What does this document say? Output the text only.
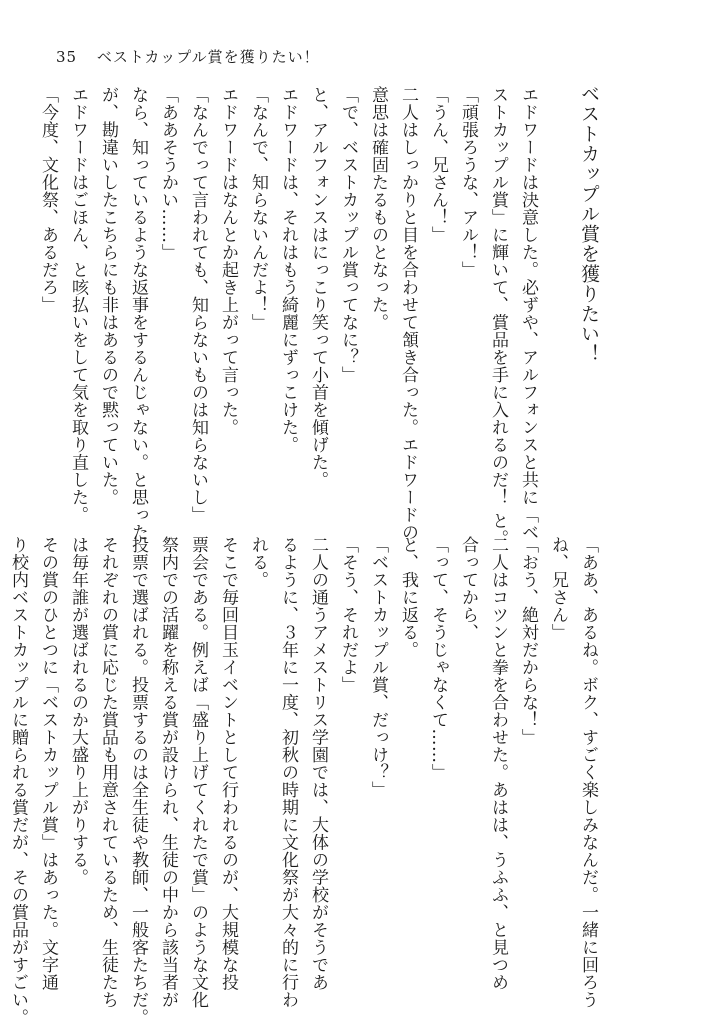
35 ベストカップル賞を獲りたい！
ベストカップル賞を獲りたい！

エドワードは決意した。必ずや、アルフォンスと共に「ベ

ストカップル賞」に輝いて、賞品を手に入れるのだ！ と。

「頑張ろうな、アル！」

「うん、兄さん！」

二人はしっかりと目を合わせて頷き合った。エドワードの

意思は確固たるものとなった。

「で、ベストカップル賞ってなに？」

と、アルフォンスはにっこり笑って小首を傾げた。

エドワードは、それはもう綺麗にずっこけた。

「なんで、知らないんだよ！」

エドワードはなんとか起き上がって言った。

「なんでって言われても、知らないものは知らないし」

「ああそうかい……」

なら、知っているような返事をするんじゃない。と思った

が、勘違いしたこちらにも非はあるので黙っていた。

エドワードはごほん、と咳払いをして気を取り直した。

「今度、文化祭、あるだろ」

「ああ、あるね。ボク、すごく楽しみなんだ。一緒に回ろう

ね、兄さん」

「おう、絶対だからな！」

二人はコツンと拳を合わせた。あはは、うふふ、と見つめ

合ってから、

「って、そうじゃなくて……」

と、我に返る。

「ベストカップル賞、だっけ？」

「そう、それだよ」

二人の通うアメストリス学園では、大体の学校がそうであ

るように、３年に一度、初秋の時期に文化祭が大々的に行わ

れる。

そこで毎回目玉イベントとして行われるのが、大規模な投

票会である。例えば「盛り上げてくれたで賞」のような文化

祭内での活躍を称える賞が設けられ、生徒の中から該当者が

投票で選ばれる。投票するのは全生徒や教師、一般客たちだ。

それぞれの賞に応じた賞品も用意されているため、生徒たち

は毎年誰が選ばれるのか大盛り上がりする。

その賞のひとつに「ベストカップル賞」はあった。文字通

り校内ベストカップルに贈られる賞だが、その賞品がすごい。
